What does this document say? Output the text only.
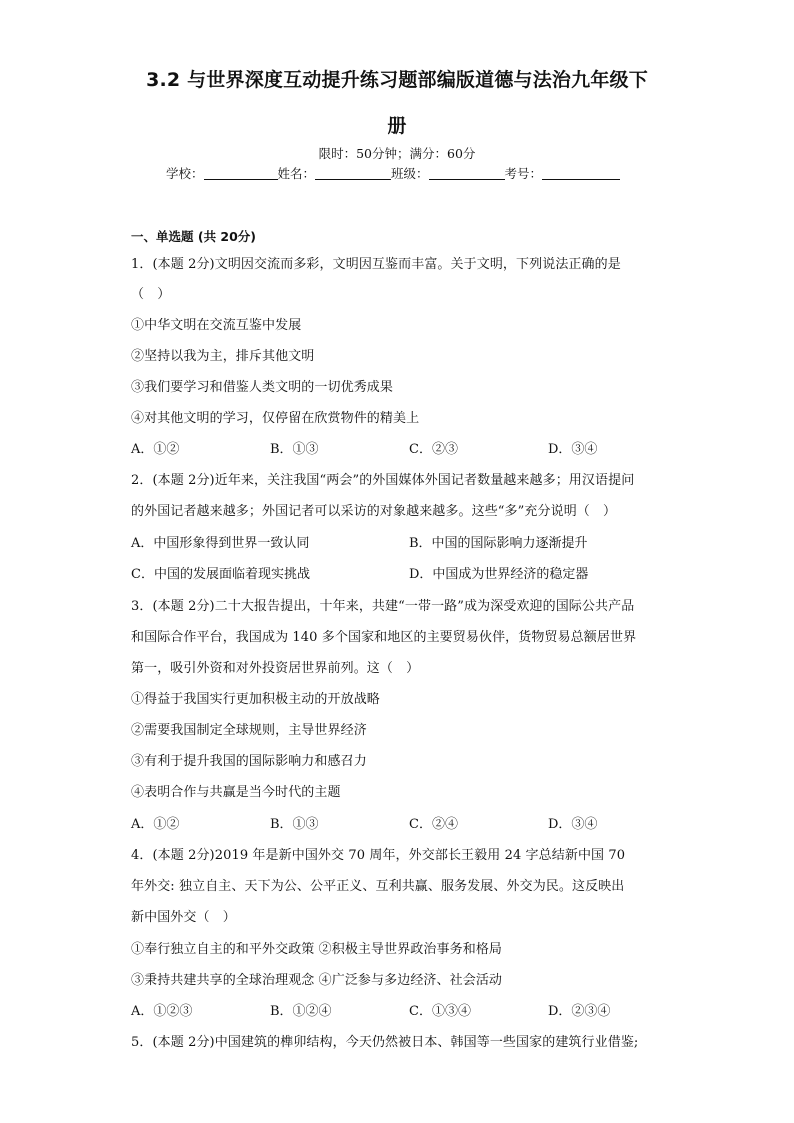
3.2 与世界深度互动提升练习题部编版道德与法治九年级下
册
限时：50分钟；满分：60分
学校：	姓名：	班级：	考号：
一、单选题 (共 20分)
1．(本题 2分)文明因交流而多彩，文明因互鉴而丰富。关于文明，下列说法正确的是
（　）
①中华文明在交流互鉴中发展
②坚持以我为主，排斥其他文明
③我们要学习和借鉴人类文明的一切优秀成果
④对其他文明的学习，仅停留在欣赏物件的精美上
A．①②	B．①③	C．②③	D．③④
2．(本题 2分)近年来，关注我国“两会”的外国媒体外国记者数量越来越多；用汉语提问
的外国记者越来越多；外国记者可以采访的对象越来越多。这些“多”充分说明（　）
A．中国形象得到世界一致认同	B．中国的国际影响力逐渐提升
C．中国的发展面临着现实挑战	D．中国成为世界经济的稳定器
3．(本题 2分)二十大报告提出，十年来，共建“一带一路”成为深受欢迎的国际公共产品
和国际合作平台，我国成为 140 多个国家和地区的主要贸易伙伴，货物贸易总额居世界
第一，吸引外资和对外投资居世界前列。这（　）
①得益于我国实行更加积极主动的开放战略
②需要我国制定全球规则，主导世界经济
③有利于提升我国的国际影响力和感召力
④表明合作与共赢是当今时代的主题
A．①②	B．①③	C．②④	D．③④
4．(本题 2分)2019 年是新中国外交 70 周年，外交部长王毅用 24 字总结新中国 70
年外交: 独立自主、天下为公、公平正义、互利共赢、服务发展、外交为民。这反映出
新中国外交（　）
①奉行独立自主的和平外交政策 ②积极主导世界政治事务和格局
③秉持共建共享的全球治理观念 ④广泛参与多边经济、社会活动
A．①②③	B．①②④	C．①③④	D．②③④
5．(本题 2分)中国建筑的榫卯结构，今天仍然被日本、韩国等一些国家的建筑行业借鉴;
